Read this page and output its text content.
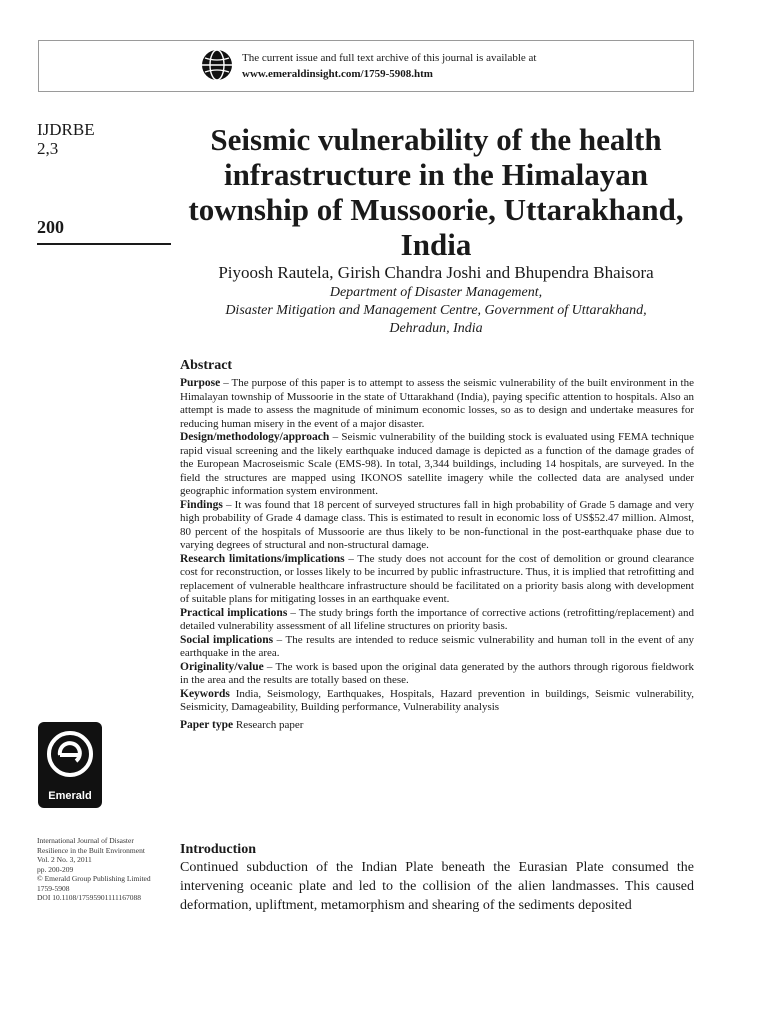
The current issue and full text archive of this journal is available at
www.emeraldinsight.com/1759-5908.htm
IJDRBE
2,3
200
Seismic vulnerability of the health infrastructure in the Himalayan township of Mussoorie, Uttarakhand, India
Piyoosh Rautela, Girish Chandra Joshi and Bhupendra Bhaisora
Department of Disaster Management,
Disaster Mitigation and Management Centre, Government of Uttarakhand,
Dehradun, India
Abstract

Purpose – The purpose of this paper is to attempt to assess the seismic vulnerability of the built environment in the Himalayan township of Mussoorie in the state of Uttarakhand (India), paying specific attention to hospitals. Also an attempt is made to assess the magnitude of minimum economic losses, so as to design and undertake measures for reducing human misery in the event of a major disaster.

Design/methodology/approach – Seismic vulnerability of the building stock is evaluated using FEMA technique rapid visual screening and the likely earthquake induced damage is depicted as a function of the damage grades of the European Macroseismic Scale (EMS-98). In total, 3,344 buildings, including 14 hospitals, are surveyed. In the field the structures are mapped using IKONOS satellite imagery while the collected data are analysed under geographic information system environment.

Findings – It was found that 18 percent of surveyed structures fall in high probability of Grade 5 damage and very high probability of Grade 4 damage class. This is estimated to result in economic loss of US$52.47 million. Almost, 80 percent of the hospitals of Mussoorie are thus likely to be non-functional in the post-earthquake phase due to varying degrees of structural and non-structural damage.

Research limitations/implications – The study does not account for the cost of demolition or ground clearance cost for reconstruction, or losses likely to be incurred by public infrastructure. Thus, it is implied that retrofitting and replacement of vulnerable healthcare infrastructure should be facilitated on a priority basis along with development of suitable plans for mitigating losses in an earthquake event.

Practical implications – The study brings forth the importance of corrective actions (retrofitting/replacement) and detailed vulnerability assessment of all lifeline structures on priority basis.

Social implications – The results are intended to reduce seismic vulnerability and human toll in the event of any earthquake in the area.

Originality/value – The work is based upon the original data generated by the authors through rigorous fieldwork in the area and the results are totally based on these.

Keywords India, Seismology, Earthquakes, Hospitals, Hazard prevention in buildings, Seismic vulnerability, Seismicity, Damageability, Building performance, Vulnerability analysis

Paper type Research paper

Emerald
International Journal of Disaster
Resilience in the Built Environment
Vol. 2 No. 3, 2011
pp. 200-209
© Emerald Group Publishing Limited
1759-5908
DOI 10.1108/17595901111167088
Introduction

Continued subduction of the Indian Plate beneath the Eurasian Plate consumed the intervening oceanic plate and led to the collision of the alien landmasses. This caused deformation, upliftment, metamorphism and shearing of the sediments deposited
